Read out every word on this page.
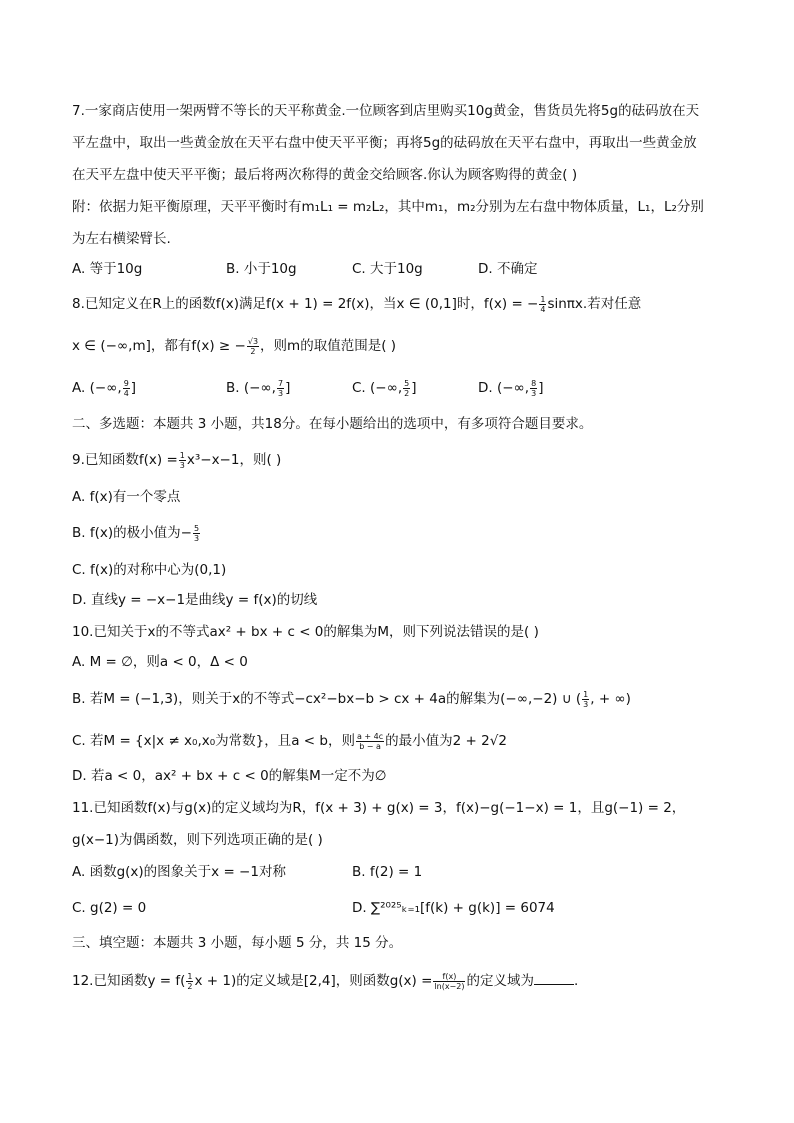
7.一家商店使用一架两臂不等长的天平称黄金.一位顾客到店里购买10g黄金，售货员先将5g的砝码放在天
平左盘中，取出一些黄金放在天平右盘中使天平平衡；再将5g的砝码放在天平右盘中，再取出一些黄金放
在天平左盘中使天平平衡；最后将两次称得的黄金交给顾客.你认为顾客购得的黄金( )
附：依据力矩平衡原理，天平平衡时有m₁L₁ = m₂L₂，其中m₁，m₂分别为左右盘中物体质量，L₁，L₂分别
为左右横梁臂长.
A. 等于10g	B. 小于10g	C. 大于10g	D. 不确定
8.已知定义在R上的函数f(x)满足f(x + 1) = 2f(x)，当x ∈ (0,1]时，f(x) = − $\frac{1}{4} \sin\pi x$.若对任意
x ∈ (−∞,m]，都有f(x) ≥ − $\frac{√3}{2}$ ，则m的取值范围是( )
A. (−∞, $\frac{9}{4}$ ]	B. (−∞, $\frac{7}{3}$ ]	C. (−∞, $\frac{5}{2}$ ]	D. (−∞, $\frac{8}{3}$ ]
二、多选题：本题共 3 小题，共18分。在每小题给出的选项中，有多项符合题目要求。
9.已知函数$f(x) = \frac{1}{3} x^3-x-1$，则( )
A. f(x)有一个零点
B. f(x)的极小值为− $\frac{5}{3}$
C. f(x)的对称中心为(0,1)
D. 直线y = −x−1是曲线y = f(x)的切线
10.已知关于x的不等式ax² + bx + c < 0的解集为M，则下列说法错误的是( )
A. M = ∅，则a < 0，Δ < 0
B. 若M = (−1,3)，则关于x的不等式−cx²−bx−b > cx + 4a的解集为(−∞,−2) ∪ ( $\frac{1}{3}$ , + ∞)
C. 若M = {x|x ≠ x₀,x₀为常数}，且a < b，则 $\frac{a + 4c}{b - a}$ 的最小值为2 + 2√2
D. 若a < 0，ax² + bx + c < 0的解集M一定不为∅
11.已知函数f(x)与g(x)的定义域均为R，f(x + 3) + g(x) = 3，f(x)−g(−1−x) = 1，且g(−1) = 2，
g(x−1)为偶函数，则下列选项正确的是( )
A. 函数g(x)的图象关于x = −1对称	B. f(2) = 1
C. g(2) = 0	D. ∑²⁰²⁵ₖ₌₁[f(k) + g(k)] = 6074
三、填空题：本题共 3 小题，每小题 5 分，共 15 分。
12.已知函数$y = f( \frac{1}{2}$ x + 1)的定义域是[2,4]，则函数$g(x) = \frac{f(x)}{\ln(x-2)}$ 的定义域为	.
